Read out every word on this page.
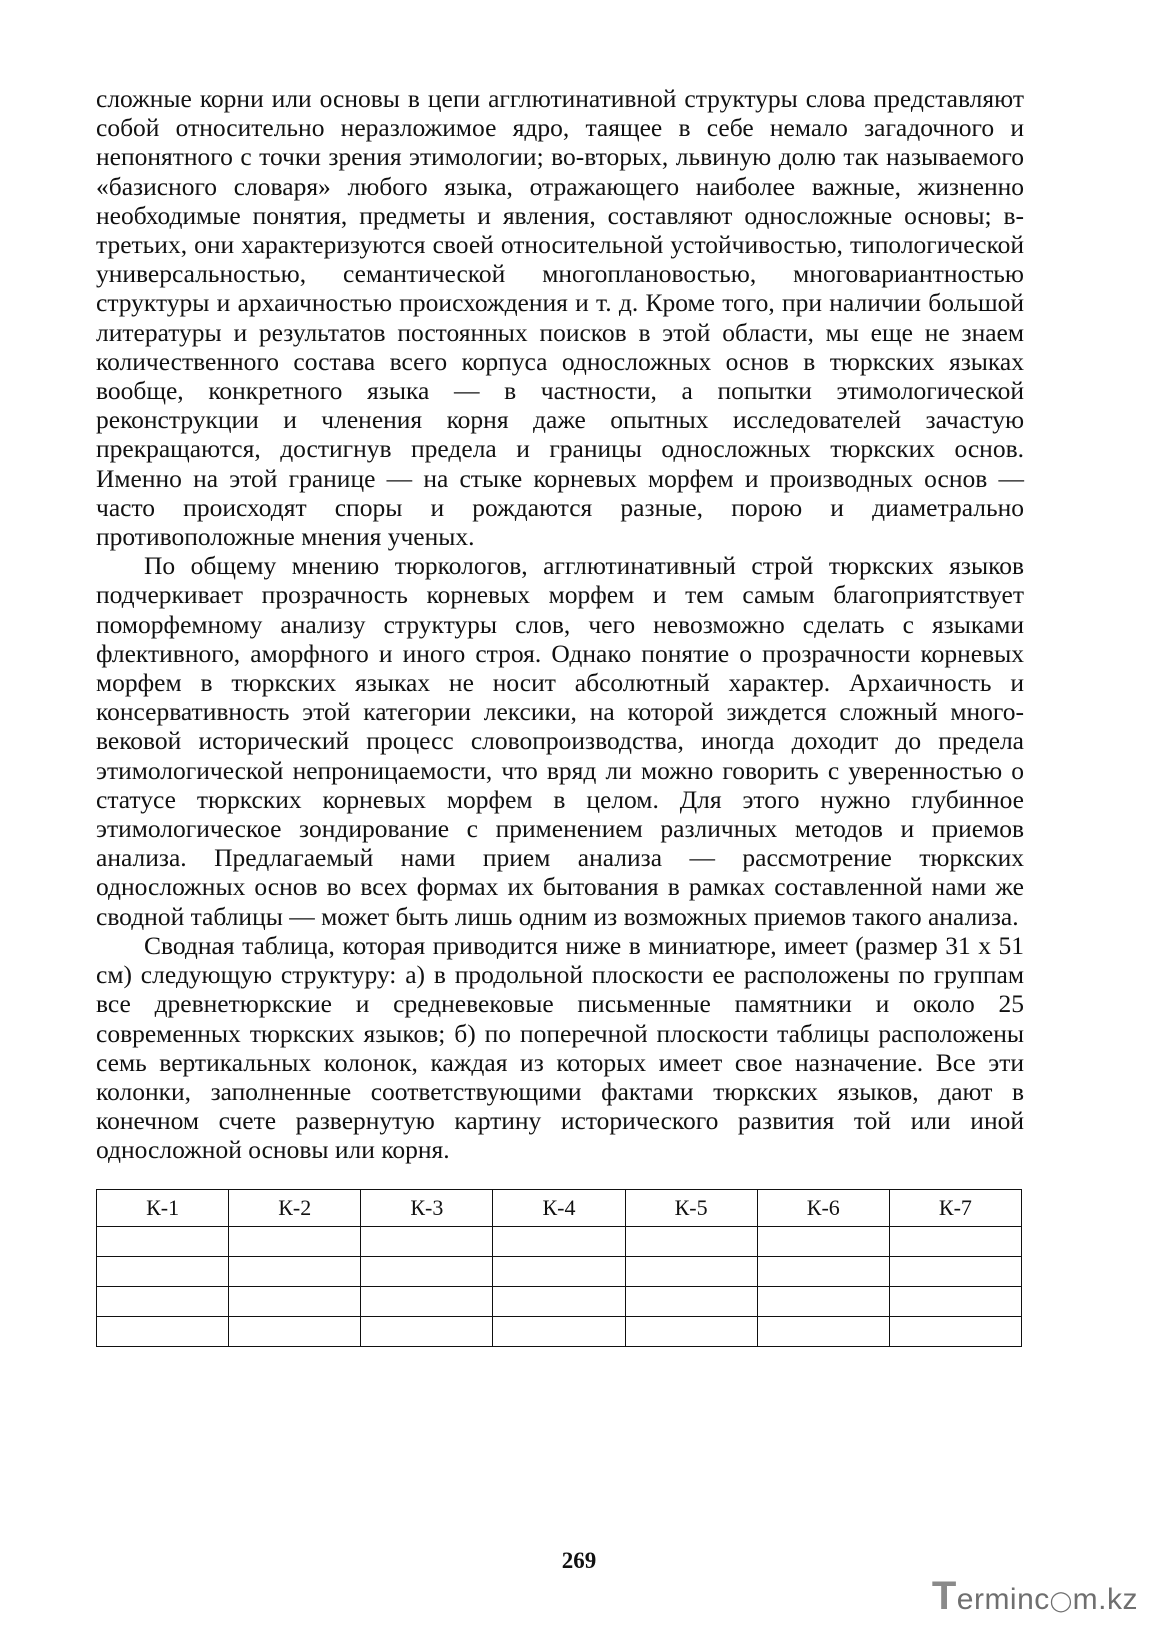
сложные корни или основы в цепи агглютинативной структуры слова представляют собой относительно неразложимое ядро, таящее в себе немало загадочного и непонятного с точки зрения этимологии; во-вторых, львиную долю так называемого «базисного словаря» любого языка, отражающего наиболее важные, жизненно необходимые понятия, предметы и явления, составляют односложные основы; в-третьих, они характеризуются своей относительной устойчивостью, типологической универсальностью, семантической многоплановостью, многовариантностью структуры и архаичностью происхождения и т. д. Кроме того, при наличии большой литературы и результатов постоянных поисков в этой области, мы еще не знаем количественного состава всего корпуса односложных основ в тюркских языках вообще, конкретного языка — в частности, а попытки этимологической реконструкции и членения корня даже опытных исследователей зачастую прекращаются, достигнув предела и границы односложных тюркских основ. Именно на этой границе — на стыке корневых морфем и производных основ — часто происходят споры и рождаются разные, порою и диаметрально противоположные мнения ученых.

По общему мнению тюркологов, агглютинативный строй тюркских языков подчеркивает прозрачность корневых морфем и тем самым благоприятствует поморфемному анализу структуры слов, чего невозможно сделать с языками флективного, аморфного и иного строя. Однако понятие о прозрачности корневых морфем в тюркских языках не носит абсолютный характер. Архаичность и консервативность этой категории лексики, на которой зиждется сложный многовековой исторический процесс словопроизводства, иногда доходит до предела этимологической непроницаемости, что вряд ли можно говорить с уверенностью о статусе тюркских корневых морфем в целом. Для этого нужно глубинное этимологическое зондирование с применением различных методов и приемов анализа. Предлагаемый нами прием анализа — рассмотрение тюркских односложных основ во всех формах их бытования в рамках составленной нами же сводной таблицы — может быть лишь одним из возможных приемов такого анализа.

Сводная таблица, которая приводится ниже в миниатюре, имеет (размер 31 х 51 см) следующую структуру: а) в продольной плоскости ее расположены по группам все древнетюркские и средневековые письменные памятники и около 25 современных тюркских языков; б) по поперечной плоскости таблицы расположены семь вертикальных колонок, каждая из которых имеет свое назначение. Все эти колонки, заполненные соответствующими фактами тюркских языков, дают в конечном счете развернутую картину исторического развития той или иной односложной основы или корня.

К-1	К-2	К-3	К-4	К-5	К-6	К-7

269
Terminc◯m.kz
